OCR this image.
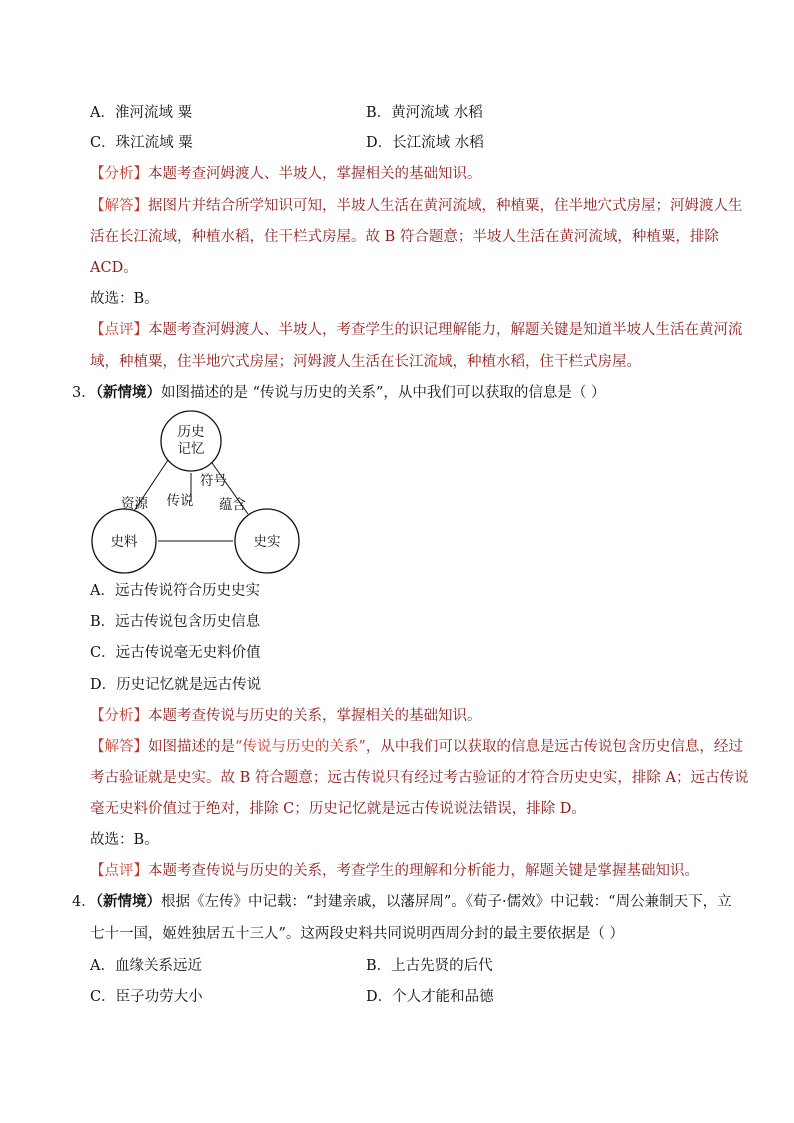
A．淮河流域 粟	B．黄河流域 水稻
C．珠江流域 粟	D．长江流域 水稻
【分析】本题考查河姆渡人、半坡人，掌握相关的基础知识。
【解答】据图片并结合所学知识可知，半坡人生活在黄河流域，种植粟，住半地穴式房屋；河姆渡人生
活在长江流域，种植水稻，住干栏式房屋。故 B 符合题意；半坡人生活在黄河流域，种植粟，排除
ACD。
故选：B。
【点评】本题考查河姆渡人、半坡人，考查学生的识记理解能力，解题关键是知道半坡人生活在黄河流
域，种植粟，住半地穴式房屋；河姆渡人生活在长江流域，种植水稻，住干栏式房屋。
3．（新情境）如图描述的是 “传说与历史的关系”，从中我们可以获取的信息是（ ）
历史
记忆
史料	史实
传说
符号
资源	蕴含
A．远古传说符合历史史实
B．远古传说包含历史信息
C．远古传说毫无史料价值
D．历史记忆就是远古传说
【分析】本题考查传说与历史的关系，掌握相关的基础知识。
【解答】如图描述的是“传说与历史的关系”，从中我们可以获取的信息是远古传说包含历史信息，经过
考古验证就是史实。故 B 符合题意；远古传说只有经过考古验证的才符合历史史实，排除 A；远古传说
毫无史料价值过于绝对，排除 C；历史记忆就是远古传说说法错误，排除 D。
故选：B。
【点评】本题考查传说与历史的关系，考查学生的理解和分析能力，解题关键是掌握基础知识。
4．（新情境）根据《左传》中记载：“封建亲戚，以藩屏周”。《荀子·儒效》中记载：“周公兼制天下，立
七十一国，姬姓独居五十三人”。这两段史料共同说明西周分封的最主要依据是（ ）
A．血缘关系远近	B．上古先贤的后代
C．臣子功劳大小	D．个人才能和品德
